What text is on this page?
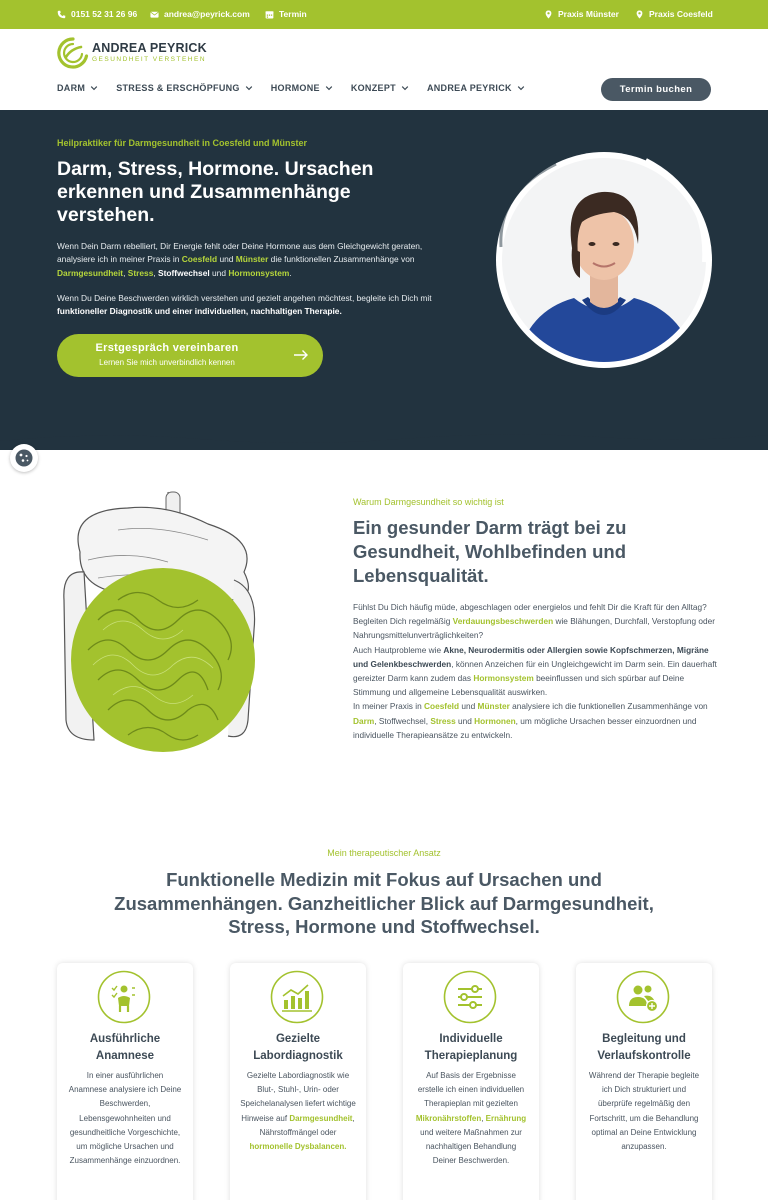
0151 52 31 26 96	andrea@peyrick.com	Termin	Praxis Münster	Praxis Coesfeld
ANDREA PEYRICK
GESUNDHEIT VERSTEHEN
DARM	STRESS & ERSCHÖPFUNG	HORMONE	KONZEPT	ANDREA PEYRICK	Termin buchen
Heilpraktiker für Darmgesundheit in Coesfeld und Münster
Darm, Stress, Hormone. Ursachen erkennen und Zusammenhänge verstehen.
Wenn Dein Darm rebelliert, Dir Energie fehlt oder Deine Hormone aus dem Gleichgewicht geraten, analysiere ich in meiner Praxis in Coesfeld und Münster die funktionellen Zusammenhänge von Darmgesundheit, Stress, Stoffwechsel und Hormonsystem.
Wenn Du Deine Beschwerden wirklich verstehen und gezielt angehen möchtest, begleite ich Dich mit funktioneller Diagnostik und einer individuellen, nachhaltigen Therapie.
Erstgespräch vereinbaren
Lernen Sie mich unverbindlich kennen
Warum Darmgesundheit so wichtig ist
Ein gesunder Darm trägt bei zu Gesundheit, Wohlbefinden und Lebensqualität.
Fühlst Du Dich häufig müde, abgeschlagen oder energielos und fehlt Dir die Kraft für den Alltag?
Begleiten Dich regelmäßig Verdauungsbeschwerden wie Blähungen, Durchfall, Verstopfung oder Nahrungsmittelunverträglichkeiten?
Auch Hautprobleme wie Akne, Neurodermitis oder Allergien sowie Kopfschmerzen, Migräne und Gelenkbeschwerden, können Anzeichen für ein Ungleichgewicht im Darm sein. Ein dauerhaft gereizter Darm kann zudem das Hormonsystem beeinflussen und sich spürbar auf Deine Stimmung und allgemeine Lebensqualität auswirken.
In meiner Praxis in Coesfeld und Münster analysiere ich die funktionellen Zusammenhänge von Darm, Stoffwechsel, Stress und Hormonen, um mögliche Ursachen besser einzuordnen und individuelle Therapieansätze zu entwickeln.
Mein therapeutischer Ansatz
Funktionelle Medizin mit Fokus auf Ursachen und Zusammenhängen. Ganzheitlicher Blick auf Darmgesundheit, Stress, Hormone und Stoffwechsel.
Ausführliche Anamnese
In einer ausführlichen Anamnese analysiere ich Deine Beschwerden, Lebensgewohnheiten und gesundheitliche Vorgeschichte, um mögliche Ursachen und Zusammenhänge einzuordnen.
Gezielte Labordiagnostik
Gezielte Labordiagnostik wie Blut-, Stuhl-, Urin- oder Speichelanalysen liefert wichtige Hinweise auf Darmgesundheit, Nährstoffmängel oder hormonelle Dysbalancen.
Individuelle Therapieplanung
Auf Basis der Ergebnisse erstelle ich einen individuellen Therapieplan mit gezielten Mikronährstoffen, Ernährung und weitere Maßnahmen zur nachhaltigen Behandlung Deiner Beschwerden.
Begleitung und Verlaufskontrolle
Während der Therapie begleite ich Dich strukturiert und überprüfe regelmäßig den Fortschritt, um die Behandlung optimal an Deine Entwicklung anzupassen.
